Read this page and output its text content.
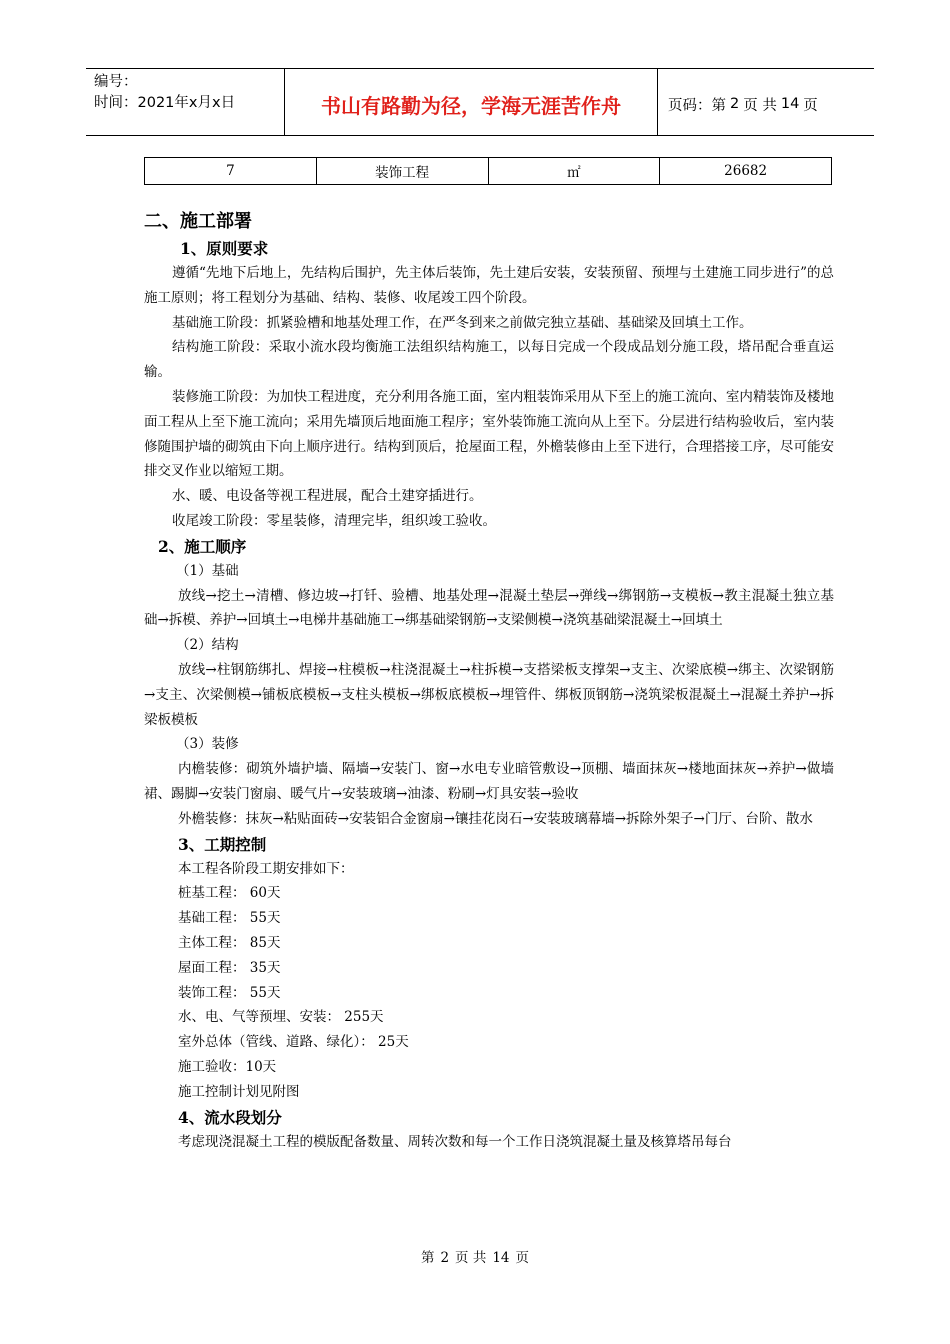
编号：
时间：2021年x月x日	书山有路勤为径，学海无涯苦作舟	页码：第 2 页 共 14 页
7	装饰工程	㎡	26682
二、施工部署
1、原则要求

遵循“先地下后地上，先结构后围护，先主体后装饰，先土建后安装，安装预留、预埋与土建施工同步进行”的总施工原则；将工程划分为基础、结构、装修、收尾竣工四个阶段。

基础施工阶段：抓紧验槽和地基处理工作，在严冬到来之前做完独立基础、基础梁及回填土工作。

结构施工阶段：采取小流水段均衡施工法组织结构施工，以每日完成一个段成品划分施工段，塔吊配合垂直运输。

装修施工阶段：为加快工程进度，充分利用各施工面，室内粗装饰采用从下至上的施工流向、室内精装饰及楼地面工程从上至下施工流向；采用先墙顶后地面施工程序；室外装饰施工流向从上至下。分层进行结构验收后，室内装修随围护墙的砌筑由下向上顺序进行。结构到顶后，抢屋面工程，外檐装修由上至下进行，合理搭接工序，尽可能安排交叉作业以缩短工期。

水、暖、电设备等视工程进展，配合土建穿插进行。

收尾竣工阶段：零星装修，清理完毕，组织竣工验收。

2、施工顺序
（1）基础

放线→挖土→清槽、修边坡→打钎、验槽、地基处理→混凝土垫层→弹线→绑钢筋→支模板→教主混凝土独立基础→拆模、养护→回填土→电梯井基础施工→绑基础梁钢筋→支梁侧模→浇筑基础梁混凝土→回填土

（2）结构

放线→柱钢筋绑扎、焊接→柱模板→柱浇混凝土→柱拆模→支搭梁板支撑架→支主、次梁底模→绑主、次梁钢筋→支主、次梁侧模→铺板底模板→支柱头模板→绑板底模板→埋管件、绑板顶钢筋→浇筑梁板混凝土→混凝土养护→拆梁板模板

（3）装修

内檐装修：砌筑外墙护墙、隔墙→安装门、窗→水电专业暗管敷设→顶棚、墙面抹灰→楼地面抹灰→养护→做墙裙、踢脚→安装门窗扇、暖气片→安装玻璃→油漆、粉刷→灯具安装→验收

外檐装修：抹灰→粘贴面砖→安装铝合金窗扇→镶挂花岗石→安装玻璃幕墙→拆除外架子→门厅、台阶、散水

3、工期控制
本工程各阶段工期安排如下：
桩基工程： 60天
基础工程： 55天
主体工程： 85天
屋面工程： 35天
装饰工程： 55天
水、电、气等预埋、安装： 255天
室外总体（管线、道路、绿化）： 25天
施工验收：10天
施工控制计划见附图
4、流水段划分

考虑现浇混凝土工程的模版配备数量、周转次数和每一个工作日浇筑混凝土量及核算塔吊每台

第 2 页 共 14 页
